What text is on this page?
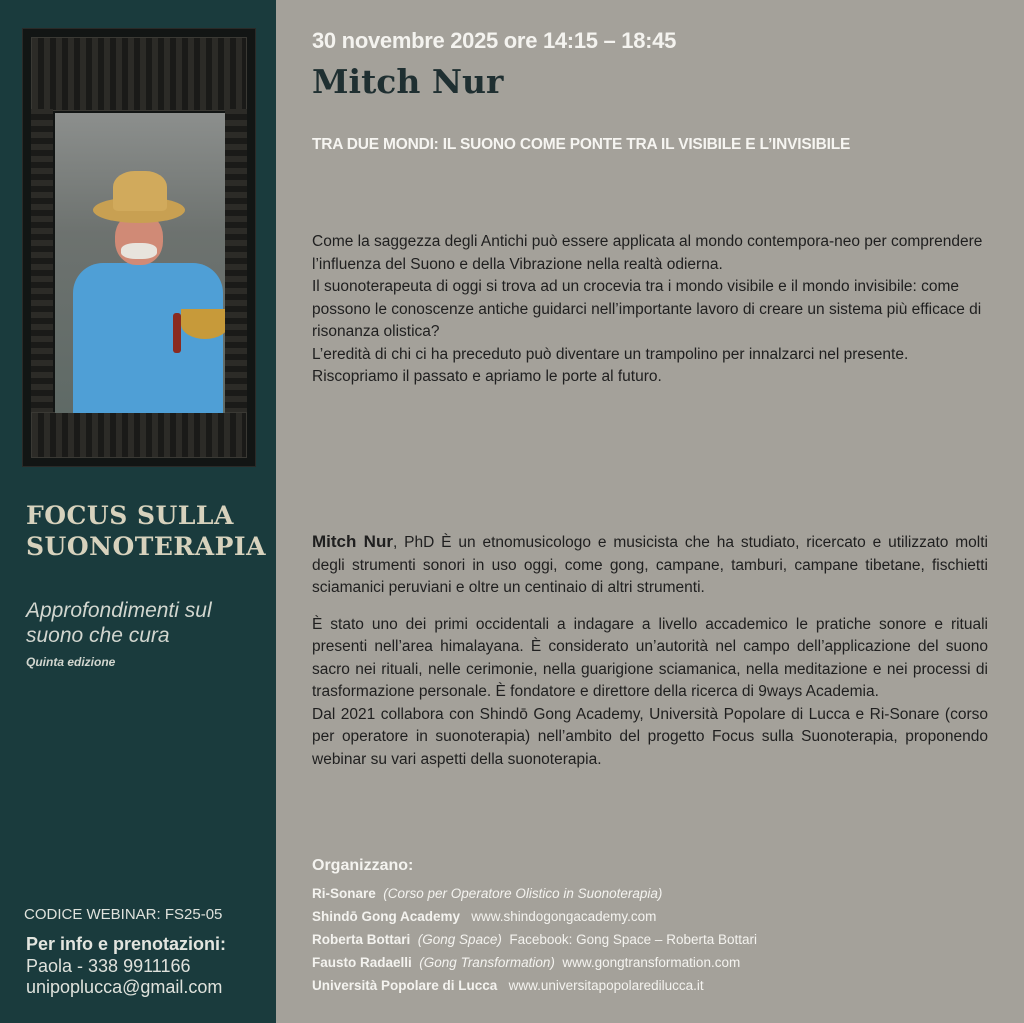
FOCUS SULLA
SUONOTERAPIA

Approfondimenti sul
suono che cura

Quinta edizione

CODICE WEBINAR: FS25-05

Per info e prenotazioni:

Paola - 338 9911166

unipoplucca@gmail.com

30 novembre 2025 ore 14:15 – 18:45

Mitch Nur
TRA DUE MONDI: IL SUONO COME PONTE TRA IL VISIBILE E L’INVISIBILE

Come la saggezza degli Antichi può essere applicata al mondo contempora-neo per comprendere l’influenza del Suono e della Vibrazione nella realtà odierna.

Il suonoterapeuta di oggi si trova ad un crocevia tra i mondo visibile e il mondo invisibile: come possono le conoscenze antiche guidarci nell’importante lavoro di creare un sistema più efficace di risonanza olistica?

L’eredità di chi ci ha preceduto può diventare un trampolino per innalzarci nel presente. Riscopriamo il passato e apriamo le porte al futuro.

Mitch Nur, PhD È un etnomusicologo e musicista che ha studiato, ricercato e utilizzato molti degli strumenti sonori in uso oggi, come gong, campane, tamburi, campane tibetane, fischietti sciamanici peruviani e oltre un centinaio di altri strumenti.

È stato uno dei primi occidentali a indagare a livello accademico le pratiche sonore e rituali presenti nell’area himalayana. È considerato un’autorità nel campo dell’applicazione del suono sacro nei rituali, nelle cerimonie, nella guarigione sciamanica, nella meditazione e nei processi di trasformazione personale. È fondatore e direttore della ricerca di 9ways Academia.

Dal 2021 collabora con Shindō Gong Academy, Università Popolare di Lucca e Ri-Sonare (corso per operatore in suonoterapia) nell’ambito del progetto Focus sulla Suonoterapia, proponendo webinar su vari aspetti della suonoterapia.

Organizzano:

Ri-Sonare (Corso per Operatore Olistico in Suonoterapia)
Shindō Gong Academy www.shindogongacademy.com
Roberta Bottari (Gong Space) Facebook: Gong Space – Roberta Bottari
Fausto Radaelli (Gong Transformation) www.gongtransformation.com
Università Popolare di Lucca www.universitapopolaredilucca.it
